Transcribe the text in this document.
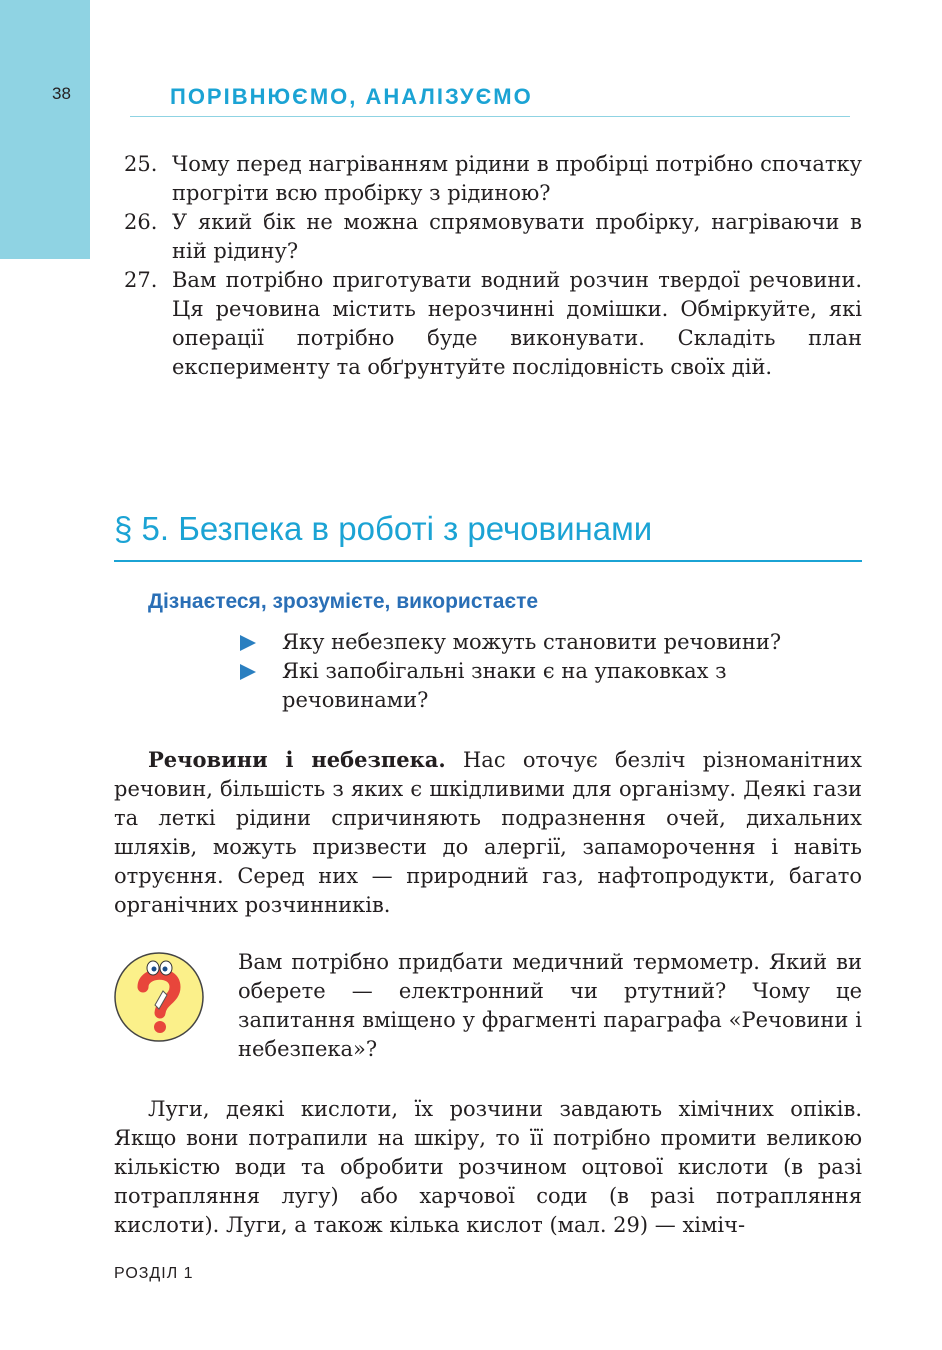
38	ПОРІВНЮЄМО, АНАЛІЗУЄМО
25. Чому перед нагріванням рідини в пробірці потрібно спочатку прогріти всю пробірку з рідиною?
26. У який бік не можна спрямовувати пробірку, нагріваючи в ній рідину?
27. Вам потрібно приготувати водний розчин твердої речовини. Ця речовина містить нерозчинні домішки. Обміркуйте, які операції потрібно буде виконувати. Складіть план експерименту та обґрунтуйте послідовність своїх дій.
§ 5. Безпека в роботі з речовинами
Дізнаєтеся, зрозумієте, використаєте
Яку небезпеку можуть становити речовини?
Які запобігальні знаки є на упаковках з речовинами?
Речовини і небезпека. Нас оточує безліч різноманітних речовин, більшість з яких є шкідливими для організму. Деякі гази та леткі рідини спричиняють подразнення очей, дихальних шляхів, можуть призвести до алергії, запаморочення і навіть отруєння. Серед них — природний газ, нафтопродукти, багато органічних розчинників.
Вам потрібно придбати медичний термометр. Який ви оберете — електронний чи ртутний? Чому це запитання вміщено у фрагменті параграфа «Речовини і небезпека»?
Луги, деякі кислоти, їх розчини завдають хімічних опіків. Якщо вони потрапили на шкіру, то її потрібно промити великою кількістю води та обробити розчином оцтової кислоти (в разі потрапляння лугу) або харчової соди (в разі потрапляння кислоти). Луги, а також кілька кислот (мал. 29) — хіміч-
РОЗДІЛ 1
